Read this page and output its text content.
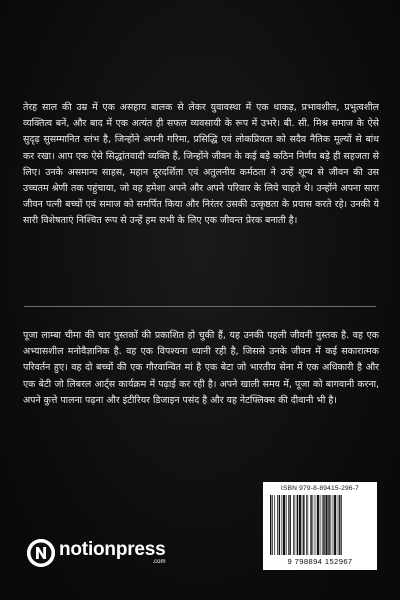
तेरह साल की उम्र में एक असहाय बालक से लेकर युवावस्था में एक धाकड़, प्रभावशील, प्रभुत्वशील व्यक्तित्व बनें, और बाद में एक अत्यंत ही सफल व्यवसायी के रूप में उभरे। बी. सी. मिश्र समाज के ऐसे सुदृढ़ सुसम्मानित स्तंभ है, जिन्होंने अपनी गरिमा, प्रसिद्धि एवं लोकप्रियता को सदैव नैतिक मूल्यों से बांध कर रखा। आप एक ऐसे सिद्धांतवादी व्यक्ति हैं, जिन्होंने जीवन के कई बड़े कठिन निर्णय बड़े ही सहजता से लिए। उनके असमान्य साहस, महान दूरदर्शिता एवं अतुलनीय कर्मठता ने उन्हें शून्य से जीवन की उस उच्चतम श्रेणी तक पहुंचाया, जो वह हमेशा अपने और अपने परिवार के लिये चाहते थे। उन्होंने अपना सारा जीवन पत्नी बच्चों एवं समाज को समर्पित किया और निरंतर उसकी उत्कृष्ठता के प्रयास करते रहे। उनकी ये सारी विशेषताएं निश्चित रूप से उन्हें हम सभी के लिए एक जीवन्त प्रेरक बनाती है।

पूजा लाम्बा चीमा की चार पुस्तकों की प्रकाशित हो चुकी हैं, यह उनकी पहली जीवनी पुस्तक है. वह एक अभ्यासशील मनोवैज्ञानिक है. वह एक विपश्यना ध्यानी रही है, जिससे उनके जीवन में कई सकारात्मक परिवर्तन हुए। वह दो बच्चों की एक गौरवान्वित मां है एक बेटा जो भारतीय सेना में एक अधिकारी है और एक बेटी जो लिबरल आर्ट्स कार्यक्रम में पढ़ाई कर रही है। अपने खाली समय में, पूजा को बागवानी करना, अपने कुत्ते पालना पढ़ना और इंटीरियर डिजाइन पसंद है और यह नेटफ्लिक्स की दीवानी भी है।

ISBN 979-8-89415-296-7
9 798894 152967
notionpress
.com
